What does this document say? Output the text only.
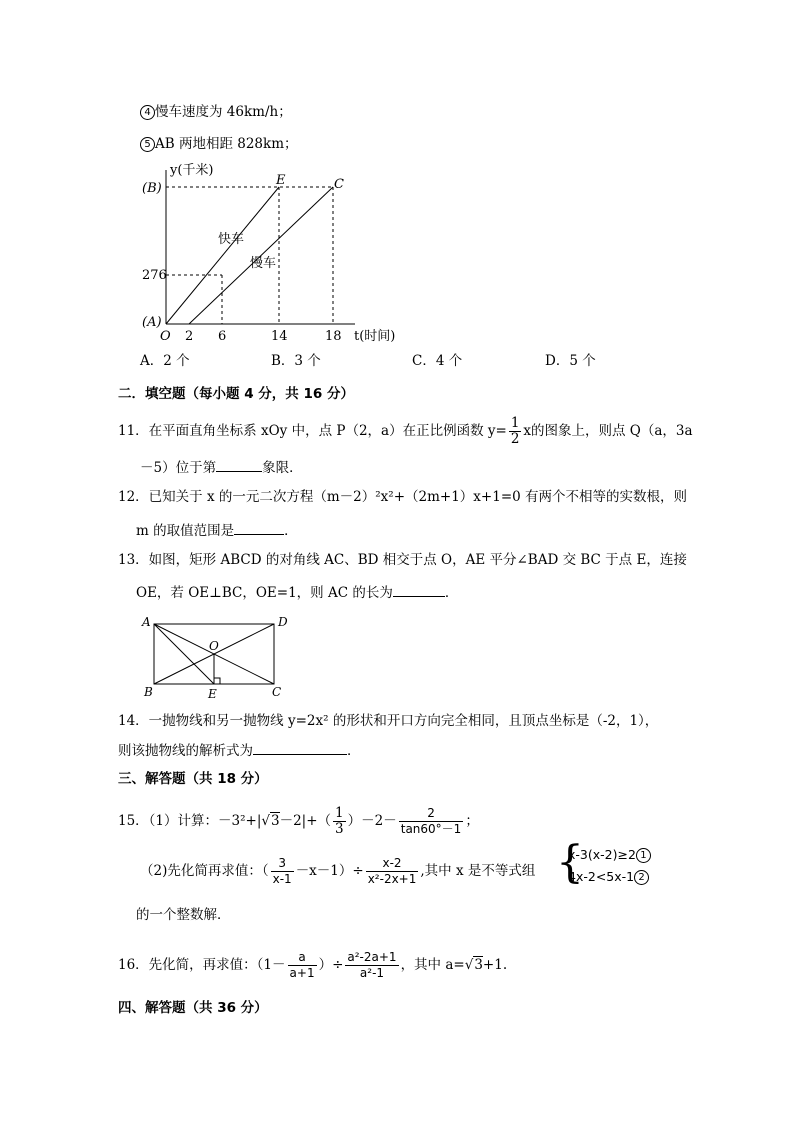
4 慢车速度为 46km/h；
5 AB 两地相距 828km；
y(千米)
(B)
(A)
O
E	C
276
快车
慢车
2 6	14	18 t(时间)
A．2 个	B．3 个	C．4 个	D．5 个
二．填空题（每小题 4 分，共 16 分）
11．在平面直角坐标系 xOy 中，点 P（2，a）在正比例函数 $y= \frac{1}{2}$ x的图象上，则点 Q（a，3a
－5）位于第	象限．
12．已知关于 x 的一元二次方程（m－2）²x²+（2m+1）x+1=0 有两个不相等的实数根，则
m 的取值范围是	．
13．如图，矩形 ABCD 的对角线 AC、BD 相交于点 O，AE 平分∠BAD 交 BC 于点 E，连接
OE，若 OE⊥BC，OE=1，则 AC 的长为	．
A	D
O
B	E	C
14．一抛物线和另一抛物线 y=2x² 的形状和开口方向完全相同，且顶点坐标是（-2，1），
则该抛物线的解析式为	．
三、解答题（共 18 分）
15．（1）计算：$-3^2+|√3-2|+( \frac{1}{3} )-2- \frac{2}{\tan 60^\circ-1}$ ；
（2)先化简再求值：（ $\frac{3}{x-1} -x-1)\div \frac{x-2}{\text{x²-2x+1}}$ ,其中 x 是不等式组 {
x-3(x-2)≥2 1
4x-2<5x-1 2
的一个整数解．
16．先化简，再求值：（$1- \frac{a}{a+1}$ ）÷ $\frac{\text{a²-2a+1}}{\text{a²-1}}$ ，其中 a=√3+1.
四、解答题（共 36 分）
